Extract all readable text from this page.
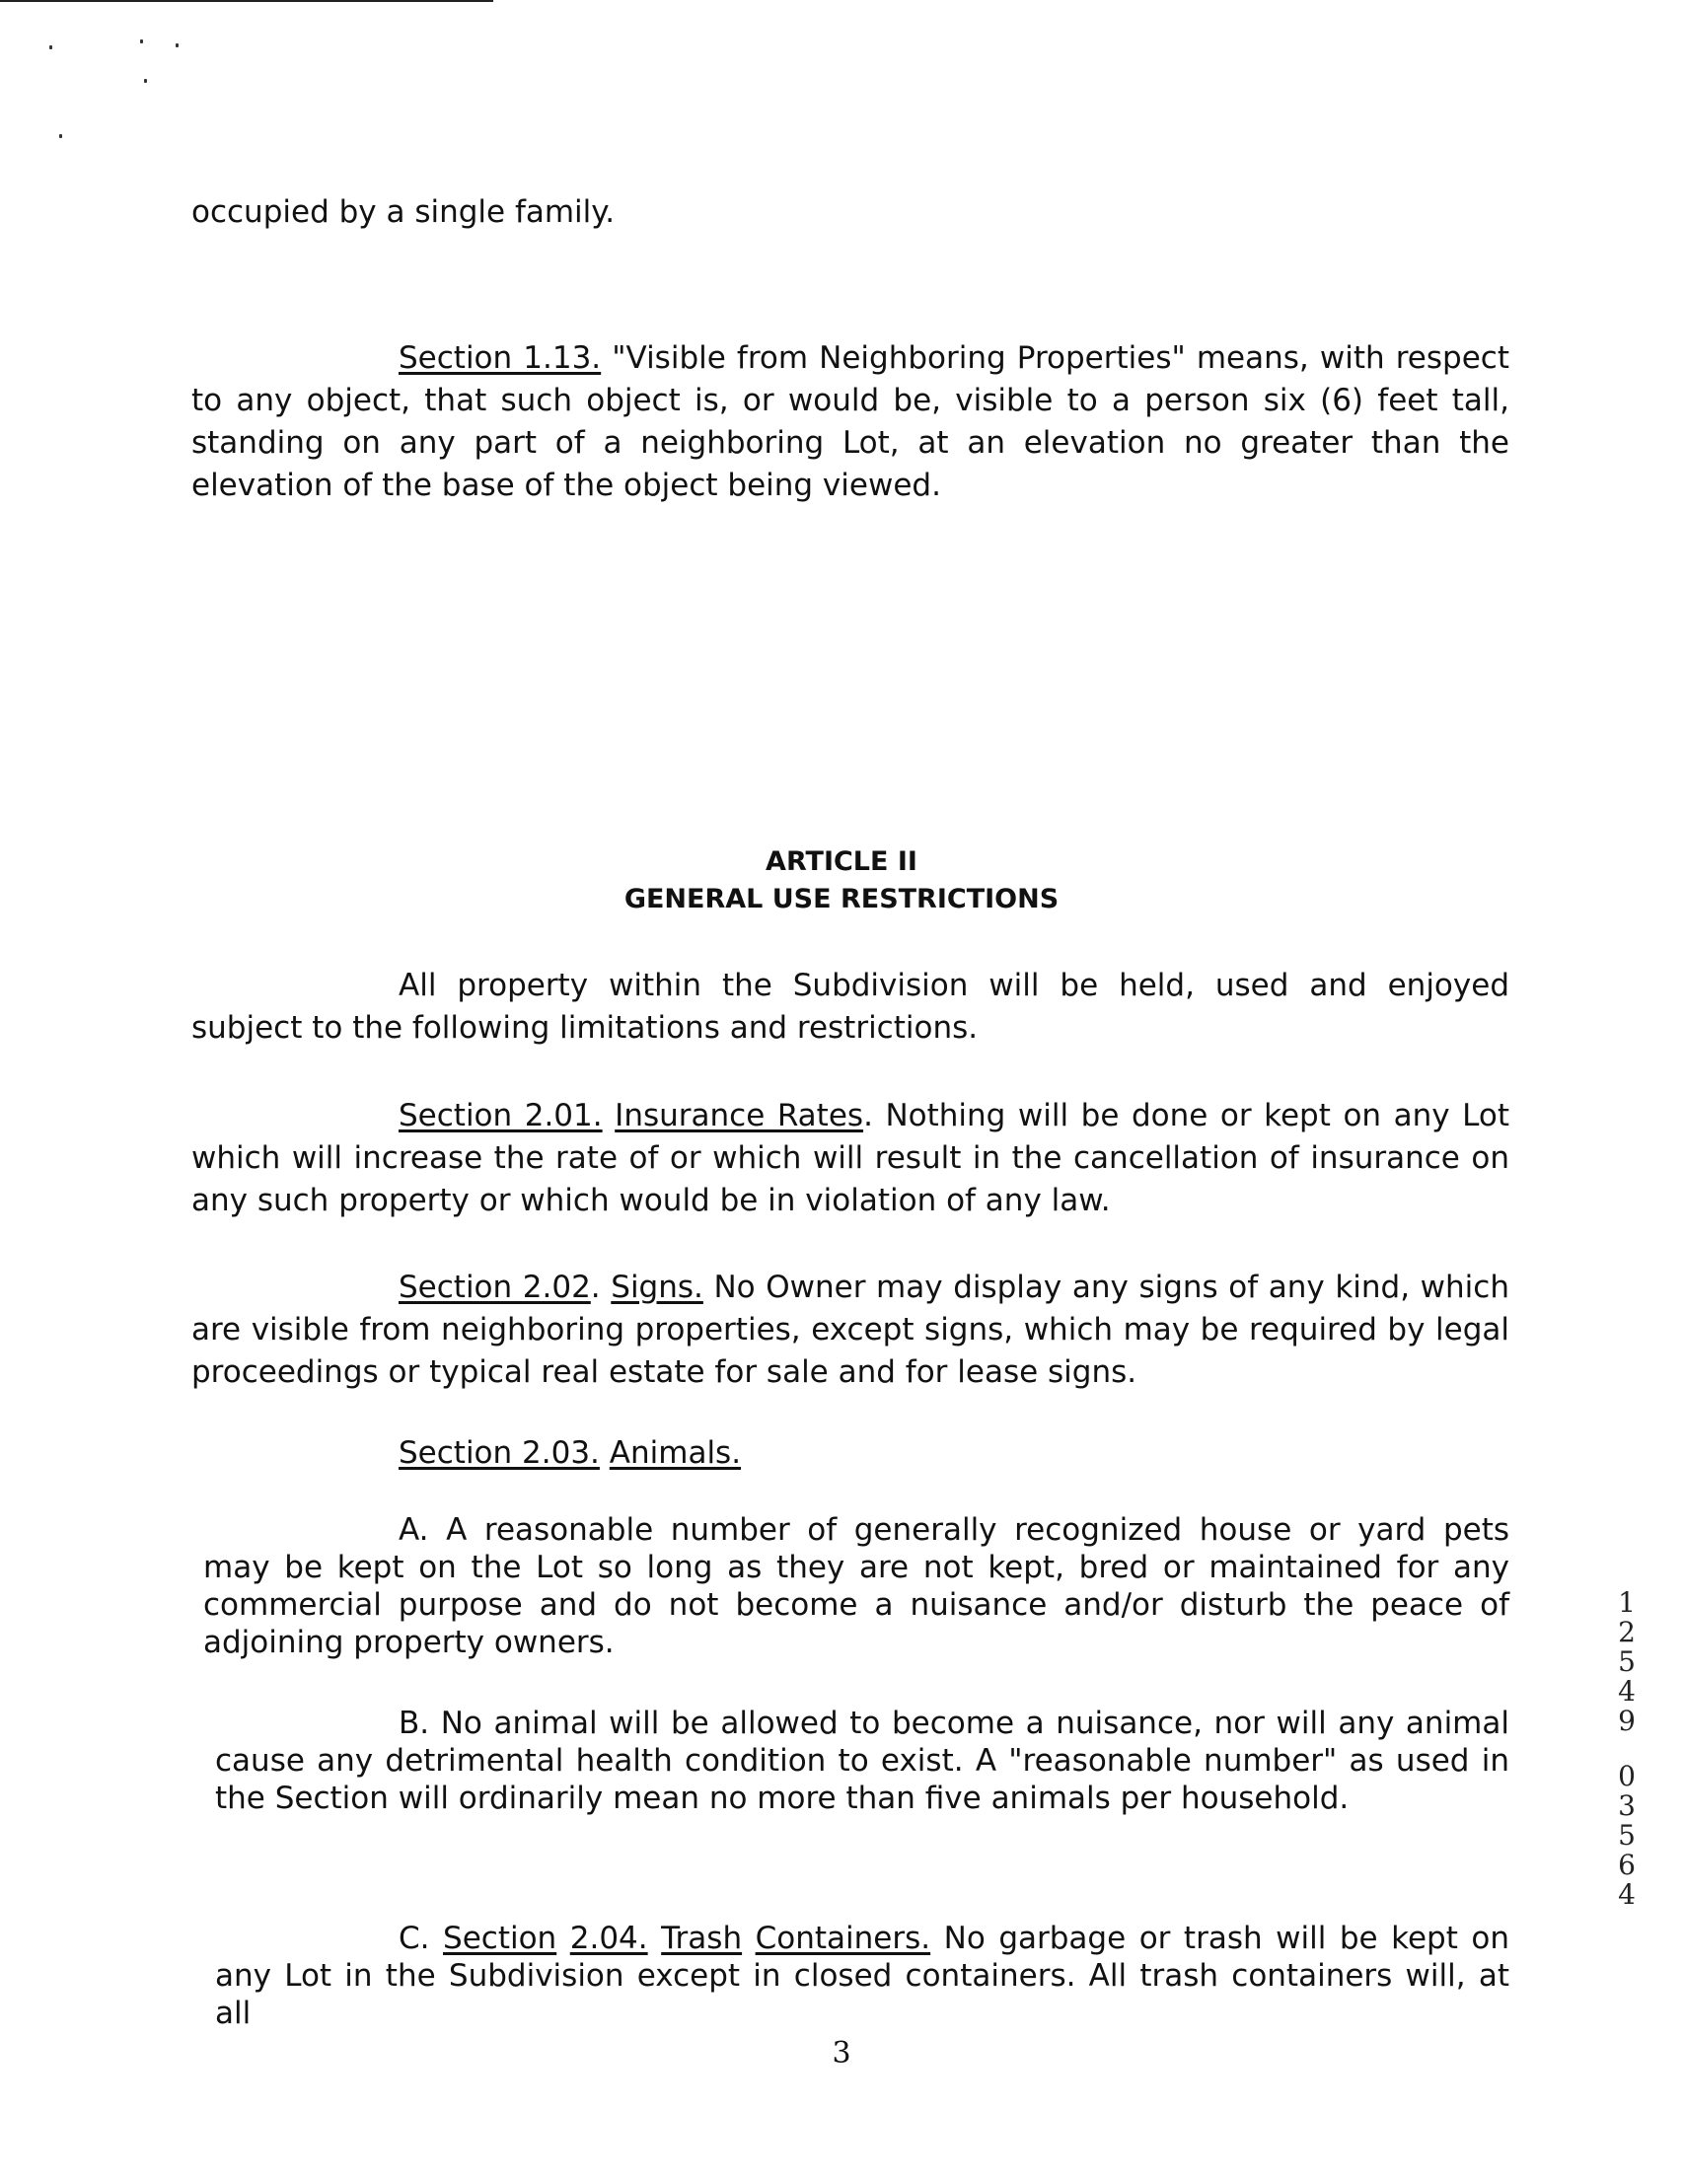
occupied by a single family.

Section 1.13. "Visible from Neighboring Properties" means, with respect to any object, that such object is, or would be, visible to a person six (6) feet tall, standing on any part of a neighboring Lot, at an elevation no greater than the elevation of the base of the object being viewed.

ARTICLE II
GENERAL USE RESTRICTIONS

All property within the Subdivision will be held, used and enjoyed subject to the following limitations and restrictions.

Section 2.01. Insurance Rates. Nothing will be done or kept on any Lot which will increase the rate of or which will result in the cancellation of insurance on any such property or which would be in violation of any law.

Section 2.02. Signs. No Owner may display any signs of any kind, which are visible from neighboring properties, except signs, which may be required by legal proceedings or typical real estate for sale and for lease signs.

Section 2.03. Animals.

A. A reasonable number of generally recognized house or yard pets may be kept on the Lot so long as they are not kept, bred or maintained for any commercial purpose and do not become a nuisance and/or disturb the peace of adjoining property owners.

B. No animal will be allowed to become a nuisance, nor will any animal cause any detrimental health condition to exist. A "reasonable number" as used in the Section will ordinarily mean no more than five animals per household.

C. Section 2.04. Trash Containers. No garbage or trash will be kept on any Lot in the Subdivision except in closed containers. All trash containers will, at all

3

12549
03564
